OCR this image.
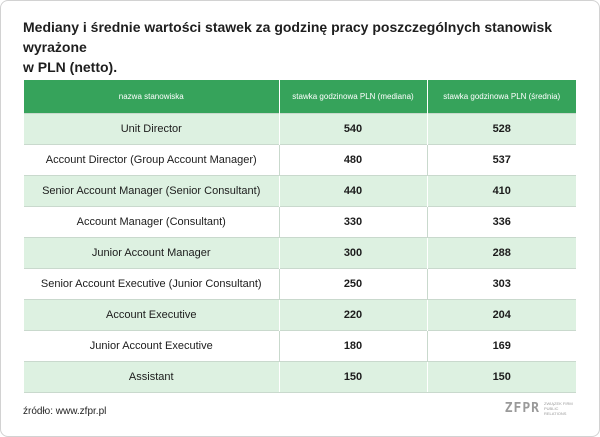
Mediany i średnie wartości stawek za godzinę pracy poszczególnych stanowisk wyrażone
w PLN (netto).
nazwa stanowiska	stawka godzinowa PLN (mediana)	stawka godzinowa PLN (średnia)
Unit Director	540	528
Account Director (Group Account Manager)	480	537
Senior Account Manager (Senior Consultant)	440	410
Account Manager (Consultant)	330	336
Junior Account Manager	300	288
Senior Account Executive (Junior Consultant)	250	303
Account Executive	220	204
Junior Account Executive	180	169
Assistant	150	150
źródło: www.zfpr.pl	ZFPR ZWIĄZEK FIRM
PUBLIC
RELATIONS
